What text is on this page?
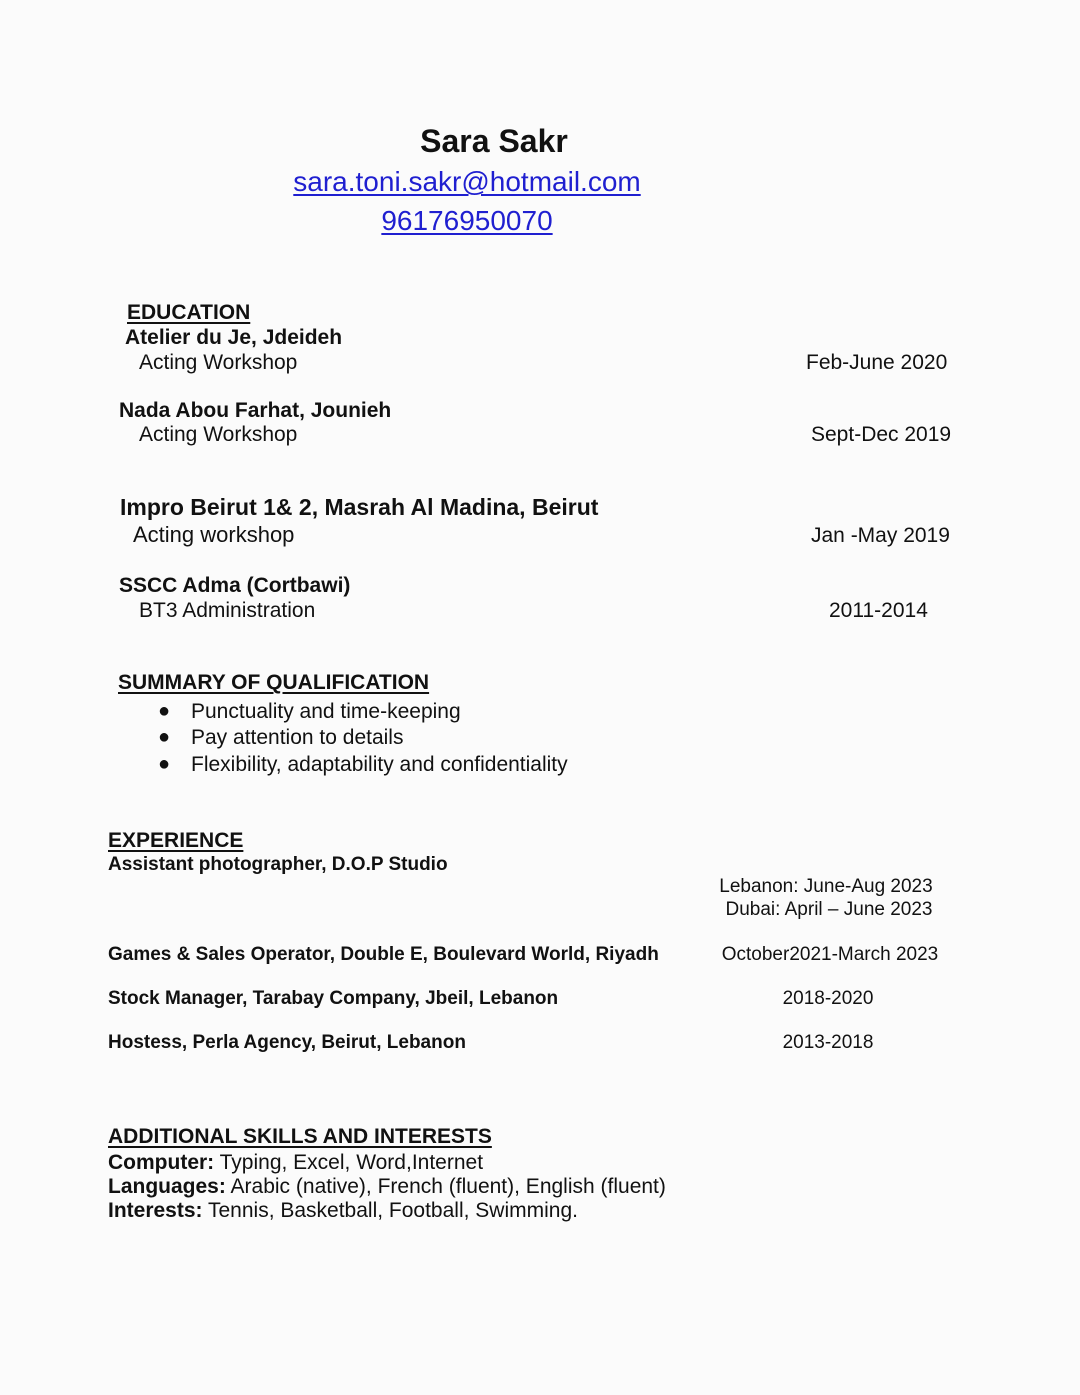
Sara Sakr
sara.toni.sakr@hotmail.com
96176950070
EDUCATION
Atelier du Je, Jdeideh
Acting Workshop	Feb-June 2020
Nada Abou Farhat, Jounieh
Acting Workshop	Sept-Dec 2019
Impro Beirut 1& 2, Masrah Al Madina, Beirut
Acting workshop	Jan -May 2019
SSCC Adma (Cortbawi)
BT3 Administration	2011-2014
SUMMARY OF QUALIFICATION
● Punctuality and time-keeping
● Pay attention to details
● Flexibility, adaptability and confidentiality
EXPERIENCE
Assistant photographer, D.O.P Studio
Lebanon: June-Aug 2023
Dubai: April – June 2023
Games & Sales Operator, Double E, Boulevard World, Riyadh	October2021-March 2023
Stock Manager, Tarabay Company, Jbeil, Lebanon	2018-2020
Hostess, Perla Agency, Beirut, Lebanon	2013-2018
ADDITIONAL SKILLS AND INTERESTS
Computer: Typing, Excel, Word,Internet
Languages: Arabic (native), French (fluent), English (fluent)
Interests: Tennis, Basketball, Football, Swimming.
